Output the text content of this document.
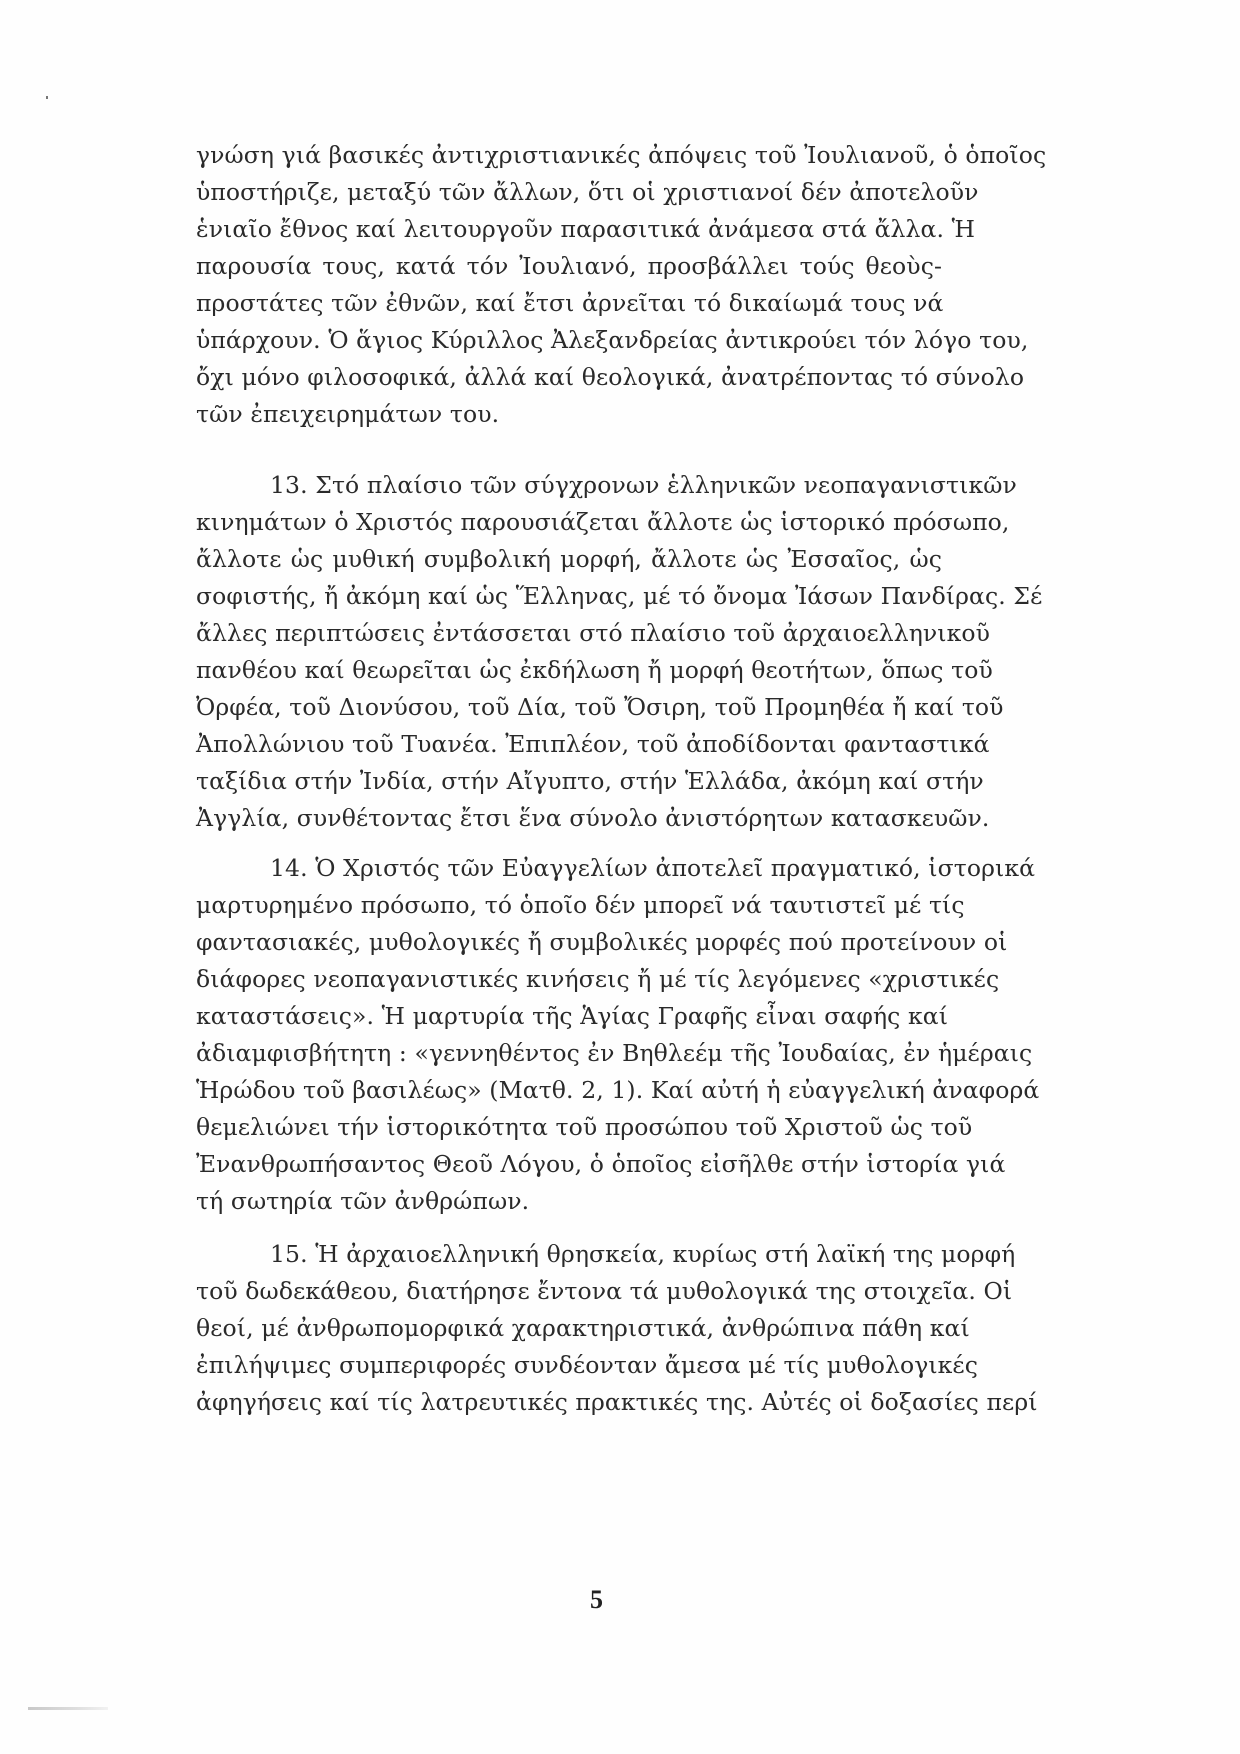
γνώση γιά βασικές ἀντιχριστιανικές ἀπόψεις τοῦ Ἰουλιανοῦ, ὁ ὁποῖος
ὑποστήριζε, μεταξύ τῶν ἄλλων, ὅτι οἱ χριστιανοί δέν ἀποτελοῦν
ἑνιαῖο ἔθνος καί λειτουργοῦν παρασιτικά ἀνάμεσα στά ἄλλα. Ἡ
παρουσία τους, κατά τόν Ἰουλιανό, προσβάλλει τούς θεοὺς-
προστάτες τῶν ἐθνῶν, καί ἔτσι ἀρνεῖται τό δικαίωμά τους νά
ὑπάρχουν. Ὁ ἅγιος Κύριλλος Ἀλεξανδρείας ἀντικρούει τόν λόγο του,
ὄχι μόνο φιλοσοφικά, ἀλλά καί θεολογικά, ἀνατρέποντας τό σύνολο
τῶν ἐπειχειρημάτων του.
13. Στό πλαίσιο τῶν σύγχρονων ἑλληνικῶν νεοπαγανιστικῶν
κινημάτων ὁ Χριστός παρουσιάζεται ἄλλοτε ὡς ἱστορικό πρόσωπο,
ἄλλοτε ὡς μυθική συμβολική μορφή, ἄλλοτε ὡς Ἐσσαῖος, ὡς
σοφιστής, ἤ ἀκόμη καί ὡς Ἕλληνας, μέ τό ὄνομα Ἰάσων Πανδίρας. Σέ
ἄλλες περιπτώσεις ἐντάσσεται στό πλαίσιο τοῦ ἀρχαιοελληνικοῦ
πανθέου καί θεωρεῖται ὡς ἐκδήλωση ἤ μορφή θεοτήτων, ὅπως τοῦ
Ὀρφέα, τοῦ Διονύσου, τοῦ Δία, τοῦ Ὄσιρη, τοῦ Προμηθέα ἤ καί τοῦ
Ἀπολλώνιου τοῦ Τυανέα. Ἐπιπλέον, τοῦ ἀποδίδονται φανταστικά
ταξίδια στήν Ἰνδία, στήν Αἴγυπτο, στήν Ἑλλάδα, ἀκόμη καί στήν
Ἀγγλία, συνθέτοντας ἔτσι ἕνα σύνολο ἀνιστόρητων κατασκευῶν.
14. Ὁ Χριστός τῶν Εὐαγγελίων ἀποτελεῖ πραγματικό, ἱστορικά
μαρτυρημένο πρόσωπο, τό ὁποῖο δέν μπορεῖ νά ταυτιστεῖ μέ τίς
φαντασιακές, μυθολογικές ἤ συμβολικές μορφές πού προτείνουν οἱ
διάφορες νεοπαγανιστικές κινήσεις ἤ μέ τίς λεγόμενες «χριστικές
καταστάσεις». Ἡ μαρτυρία τῆς Ἁγίας Γραφῆς εἶναι σαφής καί
ἀδιαμφισβήτητη : «γεννηθέντος ἐν Βηθλεέμ τῆς Ἰουδαίας, ἐν ἡμέραις
Ἡρώδου τοῦ βασιλέως» (Ματθ. 2, 1). Καί αὐτή ἡ εὐαγγελική ἀναφορά
θεμελιώνει τήν ἱστορικότητα τοῦ προσώπου τοῦ Χριστοῦ ὡς τοῦ
Ἐνανθρωπήσαντος Θεοῦ Λόγου, ὁ ὁποῖος εἰσῆλθε στήν ἱστορία γιά
τή σωτηρία τῶν ἀνθρώπων.
15. Ἡ ἀρχαιοελληνική θρησκεία, κυρίως στή λαϊκή της μορφή
τοῦ δωδεκάθεου, διατήρησε ἔντονα τά μυθολογικά της στοιχεῖα. Οἱ
θεοί, μέ ἀνθρωπομορφικά χαρακτηριστικά, ἀνθρώπινα πάθη καί
ἐπιλήψιμες συμπεριφορές συνδέονταν ἄμεσα μέ τίς μυθολογικές
ἀφηγήσεις καί τίς λατρευτικές πρακτικές της. Αὐτές οἱ δοξασίες περί
5
